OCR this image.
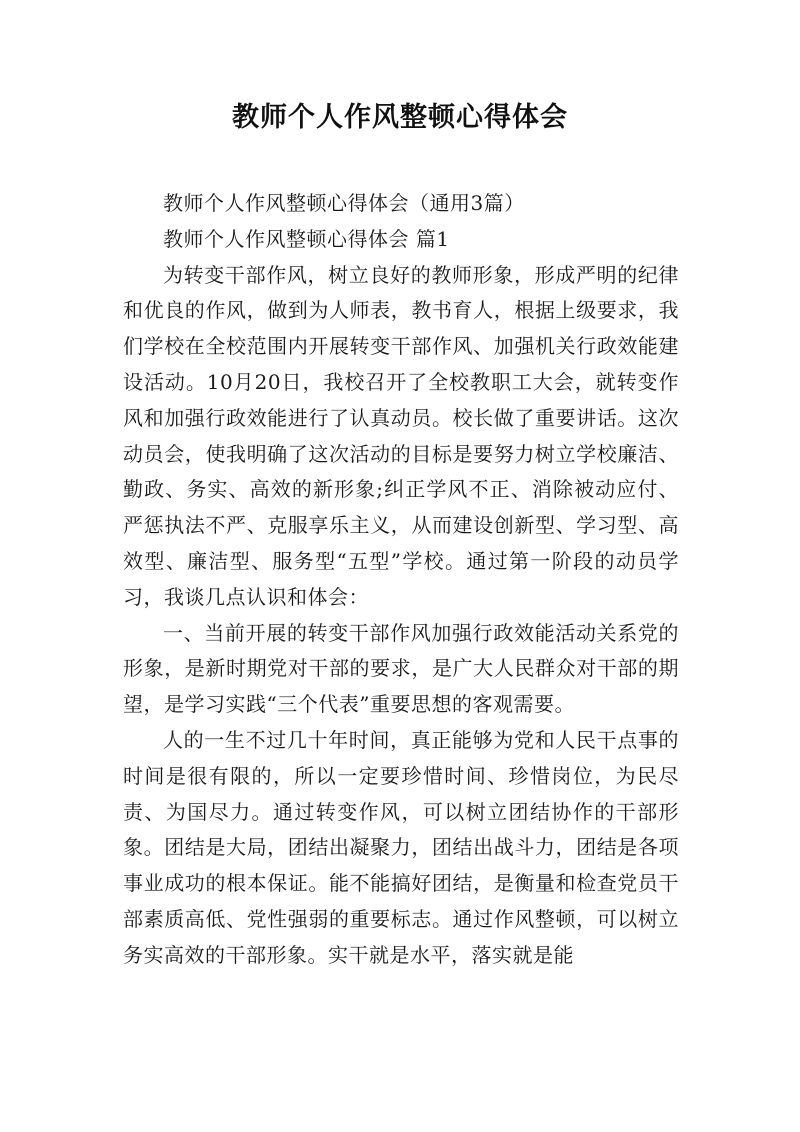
教师个人作风整顿心得体会

教师个人作风整顿心得体会（通用3篇）

教师个人作风整顿心得体会 篇1

为转变干部作风，树立良好的教师形象，形成严明的纪律和优良的作风，做到为人师表，教书育人，根据上级要求，我们学校在全校范围内开展转变干部作风、加强机关行政效能建设活动。10月20日，我校召开了全校教职工大会，就转变作风和加强行政效能进行了认真动员。校长做了重要讲话。这次动员会，使我明确了这次活动的目标是要努力树立学校廉洁、勤政、务实、高效的新形象;纠正学风不正、消除被动应付、严惩执法不严、克服享乐主义，从而建设创新型、学习型、高效型、廉洁型、服务型“五型”学校。通过第一阶段的动员学习，我谈几点认识和体会：

一、当前开展的转变干部作风加强行政效能活动关系党的形象，是新时期党对干部的要求，是广大人民群众对干部的期望，是学习实践“三个代表”重要思想的客观需要。

人的一生不过几十年时间，真正能够为党和人民干点事的时间是很有限的，所以一定要珍惜时间、珍惜岗位，为民尽责、为国尽力。通过转变作风，可以树立团结协作的干部形象。团结是大局，团结出凝聚力，团结出战斗力，团结是各项事业成功的根本保证。能不能搞好团结，是衡量和检查党员干部素质高低、党性强弱的重要标志。通过作风整顿，可以树立务实高效的干部形象。实干就是水平，落实就是能
